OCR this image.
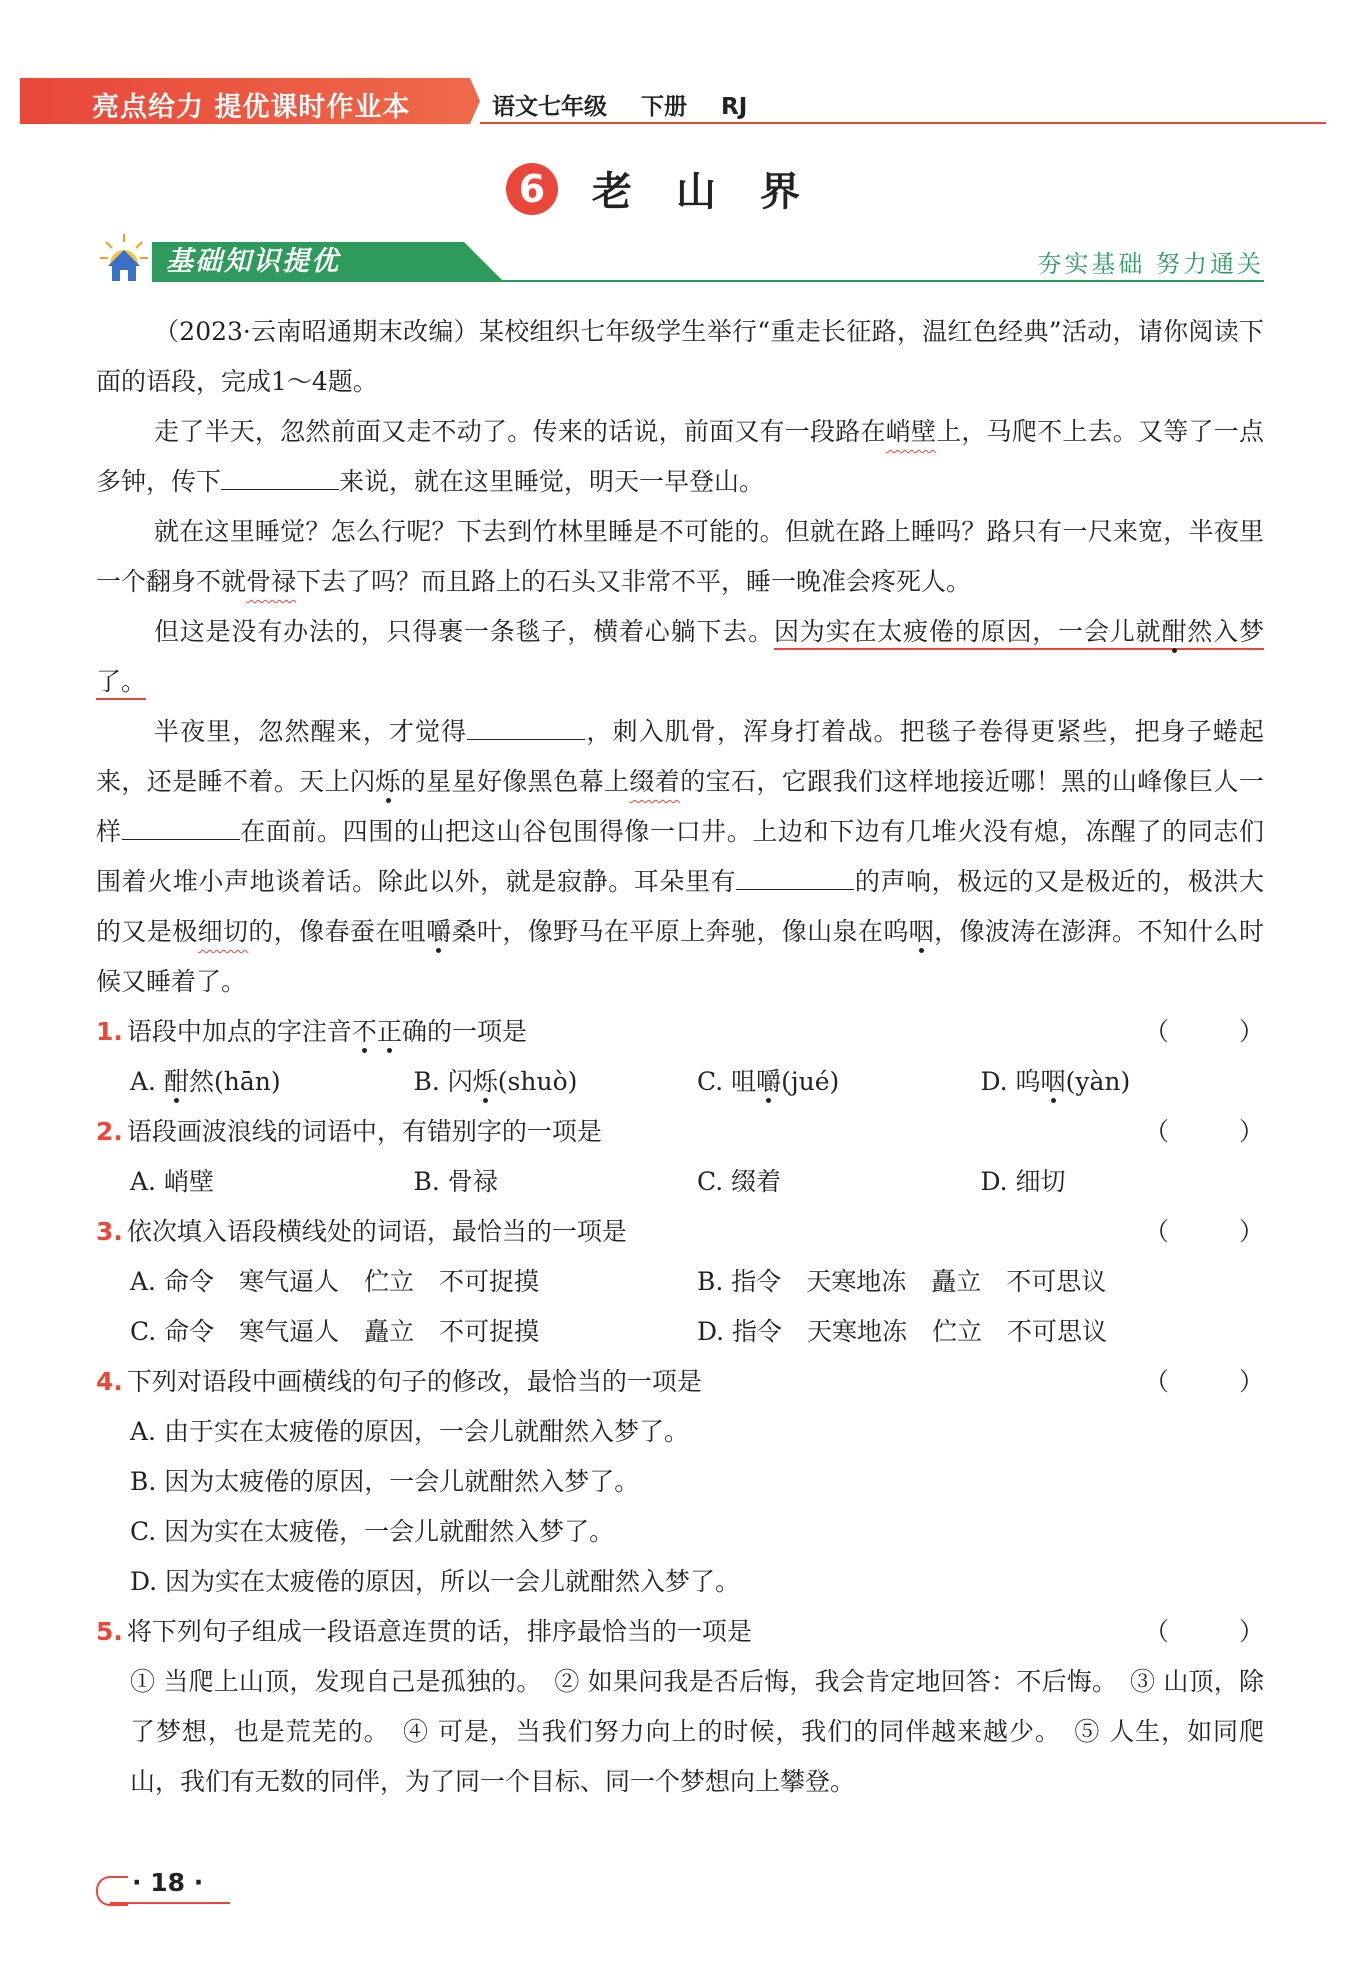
亮点给力 提优课时作业本	语文七年级 下册 RJ
6 老山界
基础知识提优	夯实基础 努力通关

（2023·云南昭通期末改编）某校组织七年级学生举行“重走长征路，温红色经典”活动，请你阅读下面的语段，完成1～4题。

走了半天，忽然前面又走不动了。传来的话说，前面又有一段路在峭壁上，马爬不上去。又等了一点多钟，传下	来说，就在这里睡觉，明天一早登山。

就在这里睡觉？怎么行呢？下去到竹林里睡是不可能的。但就在路上睡吗？路只有一尺来宽，半夜里一个翻身不就骨禄下去了吗？而且路上的石头又非常不平，睡一晚准会疼死人。

但这是没有办法的，只得裹一条毯子，横着心躺下去。因为实在太疲倦的原因，一会儿就酣然入梦了。

半夜里，忽然醒来，才觉得	，刺入肌骨，浑身打着战。把毯子卷得更紧些，把身子蜷起来，还是睡不着。天上闪烁的星星好像黑色幕上缀着的宝石，它跟我们这样地接近哪！黑的山峰像巨人一样	在面前。四围的山把这山谷包围得像一口井。上边和下边有几堆火没有熄，冻醒了的同志们围着火堆小声地谈着话。除此以外，就是寂静。耳朵里有	的声响，极远的又是极近的，极洪大的又是极细切的，像春蚕在咀嚼桑叶，像野马在平原上奔驰，像山泉在呜咽，像波涛在澎湃。不知什么时候又睡着了。

1. 语段中加点的字注音不正确的一项是	（）
A. 酣然(hān)	B. 闪烁(shuò)	C. 咀嚼(jué)	D. 呜咽(yàn)
2. 语段画波浪线的词语中，有错别字的一项是	（）
A. 峭壁	B. 骨禄	C. 缀着	D. 细切
3. 依次填入语段横线处的词语，最恰当的一项是	（）
A. 命令　寒气逼人　伫立　不可捉摸	B. 指令　天寒地冻　矗立　不可思议
C. 命令　寒气逼人　矗立　不可捉摸	D. 指令　天寒地冻　伫立　不可思议
4. 下列对语段中画横线的句子的修改，最恰当的一项是	（）
A. 由于实在太疲倦的原因，一会儿就酣然入梦了。
B. 因为太疲倦的原因，一会儿就酣然入梦了。
C. 因为实在太疲倦，一会儿就酣然入梦了。
D. 因为实在太疲倦的原因，所以一会儿就酣然入梦了。
5. 将下列句子组成一段语意连贯的话，排序最恰当的一项是	（）

① 当爬上山顶，发现自己是孤独的。　② 如果问我是否后悔，我会肯定地回答：不后悔。　③ 山顶，除了梦想，也是荒芜的。　④ 可是，当我们努力向上的时候，我们的同伴越来越少。　⑤ 人生，如同爬山，我们有无数的同伴，为了同一个目标、同一个梦想向上攀登。

· 18 ·
